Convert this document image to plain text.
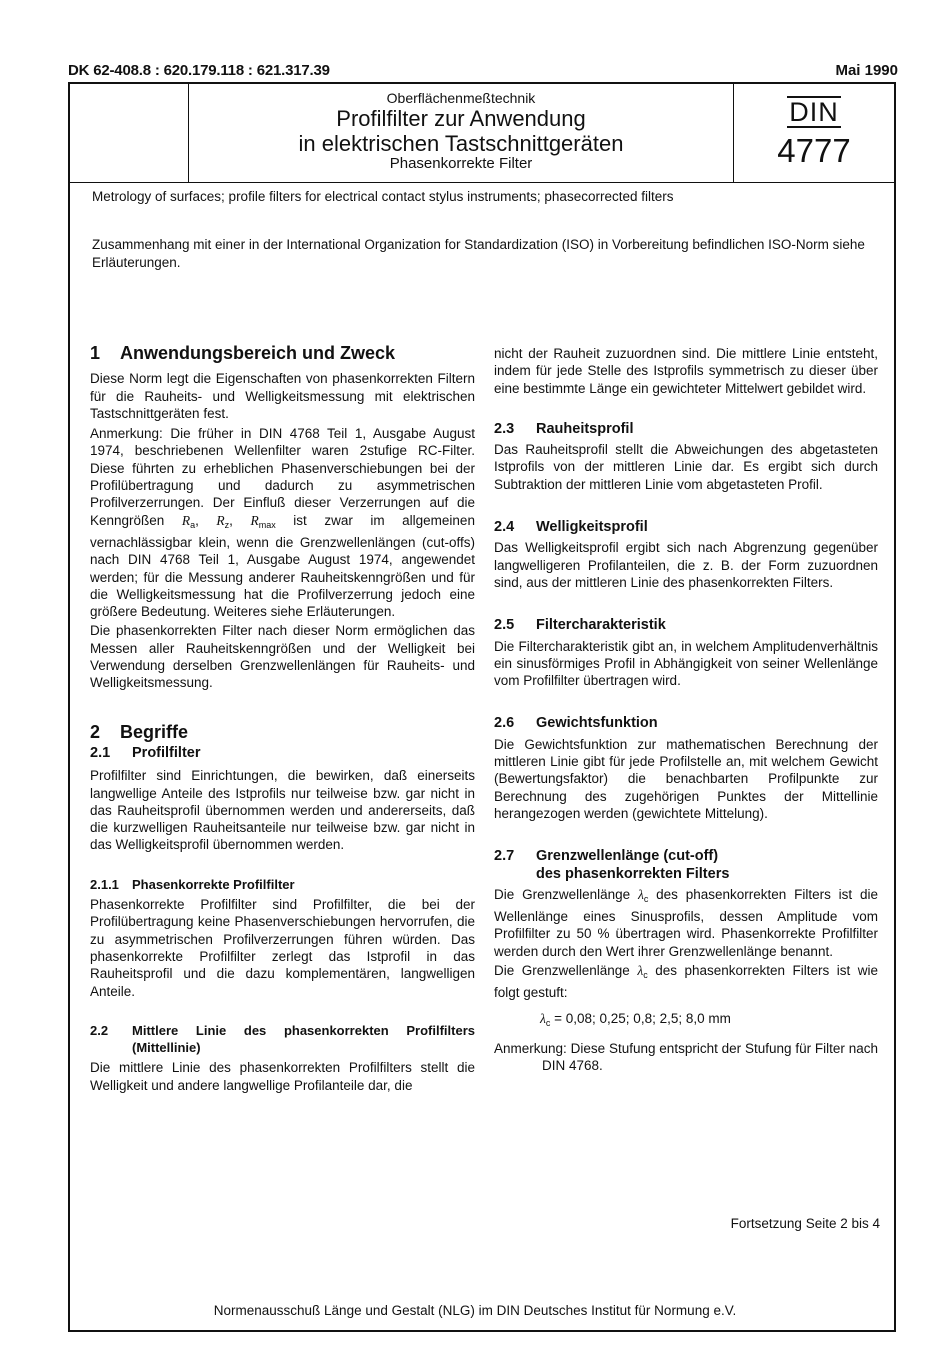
DK 62-408.8 : 620.179.118 : 621.317.39	Mai 1990
Oberflächenmeßtechnik
Profilfilter zur Anwendung
in elektrischen Tastschnittgeräten
Phasenkorrekte Filter
DIN
4777
Metrology of surfaces; profile filters for electrical contact stylus instruments; phasecorrected filters
Zusammenhang mit einer in der International Organization for Standardization (ISO) in Vorbereitung befindlichen ISO-Norm siehe Erläuterungen.
1 Anwendungsbereich und Zweck

Diese Norm legt die Eigenschaften von phasenkorrekten Filtern für die Rauheits- und Welligkeitsmessung mit elektrischen Tastschnittgeräten fest.

Anmerkung: Die früher in DIN 4768 Teil 1, Ausgabe August 1974, beschriebenen Wellenfilter waren 2stufige RC-Filter. Diese führten zu erheblichen Phasenverschiebungen bei der Profilübertragung und dadurch zu asymmetrischen Profilverzerrungen. Der Einfluß dieser Verzerrungen auf die Kenngrößen $R_a$, $R_z$, $R_{max}$ ist zwar im allgemeinen vernachlässigbar klein, wenn die Grenzwellenlängen (cut-offs) nach DIN 4768 Teil 1, Ausgabe August 1974, angewendet werden; für die Messung anderer Rauheitskenngrößen und für die Welligkeitsmessung hat die Profilverzerrung jedoch eine größere Bedeutung. Weiteres siehe Erläuterungen.

Die phasenkorrekten Filter nach dieser Norm ermöglichen das Messen aller Rauheitskenngrößen und der Welligkeit bei Verwendung derselben Grenzwellenlängen für Rauheits- und Welligkeitsmessung.

2 Begriffe
2.1 Profilfilter

Profilfilter sind Einrichtungen, die bewirken, daß einerseits langwellige Anteile des Istprofils nur teilweise bzw. gar nicht in das Rauheitsprofil übernommen werden und andererseits, daß die kurzwelligen Rauheitsanteile nur teilweise bzw. gar nicht in das Welligkeitsprofil übernommen werden.

2.1.1 Phasenkorrekte Profilfilter

Phasenkorrekte Profilfilter sind Profilfilter, die bei der Profilübertragung keine Phasenverschiebungen hervorrufen, die zu asymmetrischen Profilverzerrungen führen würden. Das phasenkorrekte Profilfilter zerlegt das Istprofil in das Rauheitsprofil und die dazu komplementären, langwelligen Anteile.

2.2 Mittlere Linie des phasenkorrekten Profilfilters (Mittellinie)

Die mittlere Linie des phasenkorrekten Profilfilters stellt die Welligkeit und andere langwellige Profilanteile dar, die

nicht der Rauheit zuzuordnen sind. Die mittlere Linie entsteht, indem für jede Stelle des Istprofils symmetrisch zu dieser über eine bestimmte Länge ein gewichteter Mittelwert gebildet wird.

2.3 Rauheitsprofil

Das Rauheitsprofil stellt die Abweichungen des abgetasteten Istprofils von der mittleren Linie dar. Es ergibt sich durch Subtraktion der mittleren Linie vom abgetasteten Profil.

2.4 Welligkeitsprofil

Das Welligkeitsprofil ergibt sich nach Abgrenzung gegenüber langwelligeren Profilanteilen, die z. B. der Form zuzuordnen sind, aus der mittleren Linie des phasenkorrekten Filters.

2.5 Filtercharakteristik

Die Filtercharakteristik gibt an, in welchem Amplitudenverhältnis ein sinusförmiges Profil in Abhängigkeit von seiner Wellenlänge vom Profilfilter übertragen wird.

2.6 Gewichtsfunktion

Die Gewichtsfunktion zur mathematischen Berechnung der mittleren Linie gibt für jede Profilstelle an, mit welchem Gewicht (Bewertungsfaktor) die benachbarten Profilpunkte zur Berechnung des zugehörigen Punktes der Mittellinie herangezogen werden (gewichtete Mittelung).

2.7 Grenzwellenlänge (cut-off)
des phasenkorrekten Filters

Die Grenzwellenlänge $\lambda_c$ des phasenkorrekten Filters ist die Wellenlänge eines Sinusprofils, dessen Amplitude vom Profilfilter zu 50 % übertragen wird. Phasenkorrekte Profilfilter werden durch den Wert ihrer Grenzwellenlänge benannt.

Die Grenzwellenlänge $\lambda_c$ des phasenkorrekten Filters ist wie folgt gestuft:

$\lambda_c = 0,08$; 0,25; 0,8; 2,5; 8,0 mm

Anmerkung: Diese Stufung entspricht der Stufung für Filter nach DIN 4768.

Fortsetzung Seite 2 bis 4
Normenausschuß Länge und Gestalt (NLG) im DIN Deutsches Institut für Normung e.V.
